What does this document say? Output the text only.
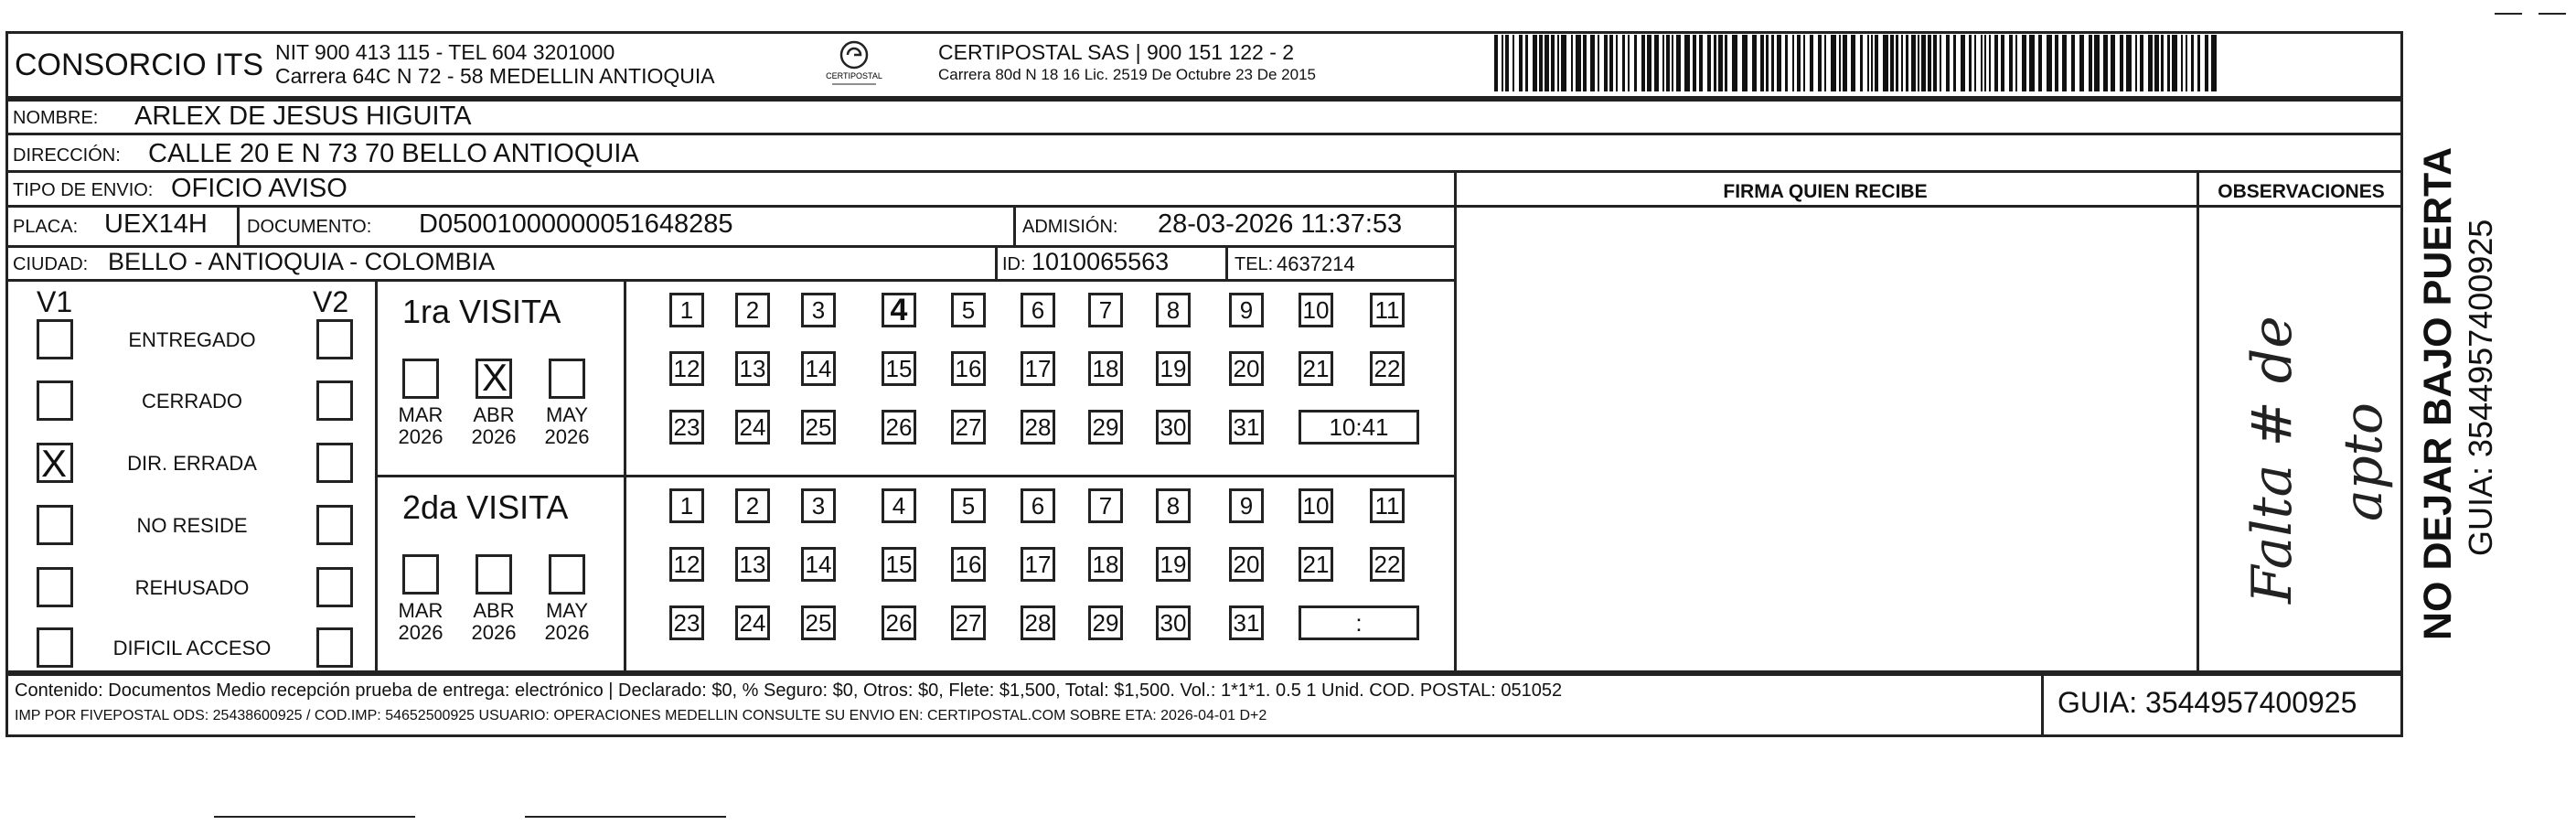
CONSORCIO ITS NIT 900 413 115 - TEL 604 3201000
Carrera 64C N 72 - 58 MEDELLIN ANTIOQUIA	CERTIPOSTAL
CERTIPOSTAL SAS | 900 151 122 - 2
Carrera 80d N 18 16 Lic. 2519 De Octubre 23 De 2015
NOMBRE: ARLEX DE JESUS HIGUITA
DIRECCIÓN: CALLE 20 E N 73 70 BELLO ANTIOQUIA
TIPO DE ENVIO: OFICIO AVISO	FIRMA QUIEN RECIBE	OBSERVACIONES
PLACA: UEX14H DOCUMENTO: D05001000000051648285	ADMISIÓN: 28-03-2026 11:37:53
CIUDAD: BELLO - ANTIOQUIA - COLOMBIA	ID: 1010065563	TEL: 4637214
V1	V2
ENTREGADO
CERRADO
X	DIR. ERRADA
NO RESIDE
REHUSADO
DIFICIL ACCESO
1ra VISITA
MAR
2026
X
ABR
2026
MAY
2026
1	2	3	4	5	6	7	8	9	10 11
12 13 14 15 16 17 18 19 20 21 22
23 24 25 26 27 28 29 30 31	10:41
2da VISITA
MAR
2026
ABR
2026
MAY
2026
1	2	3	4	5	6	7	8	9	10 11
12 13 14 15 16 17 18 19 20 21 22
23 24 25 26 27 28 29 30 31	:
Falta # de apto
Contenido: Documentos Medio recepción prueba de entrega: electrónico | Declarado: $0, % Seguro: $0, Otros: $0, Flete: $1,500, Total: $1,500. Vol.: 1*1*1. 0.5 1 Unid. COD. POSTAL: 051052
IMP POR FIVEPOSTAL ODS: 25438600925 / COD.IMP: 54652500925 USUARIO: OPERACIONES MEDELLIN CONSULTE SU ENVIO EN: CERTIPOSTAL.COM SOBRE ETA: 2026-04-01 D+2	GUIA: 3544957400925
NO DEJAR BAJO PUERTA GUIA: 3544957400925
